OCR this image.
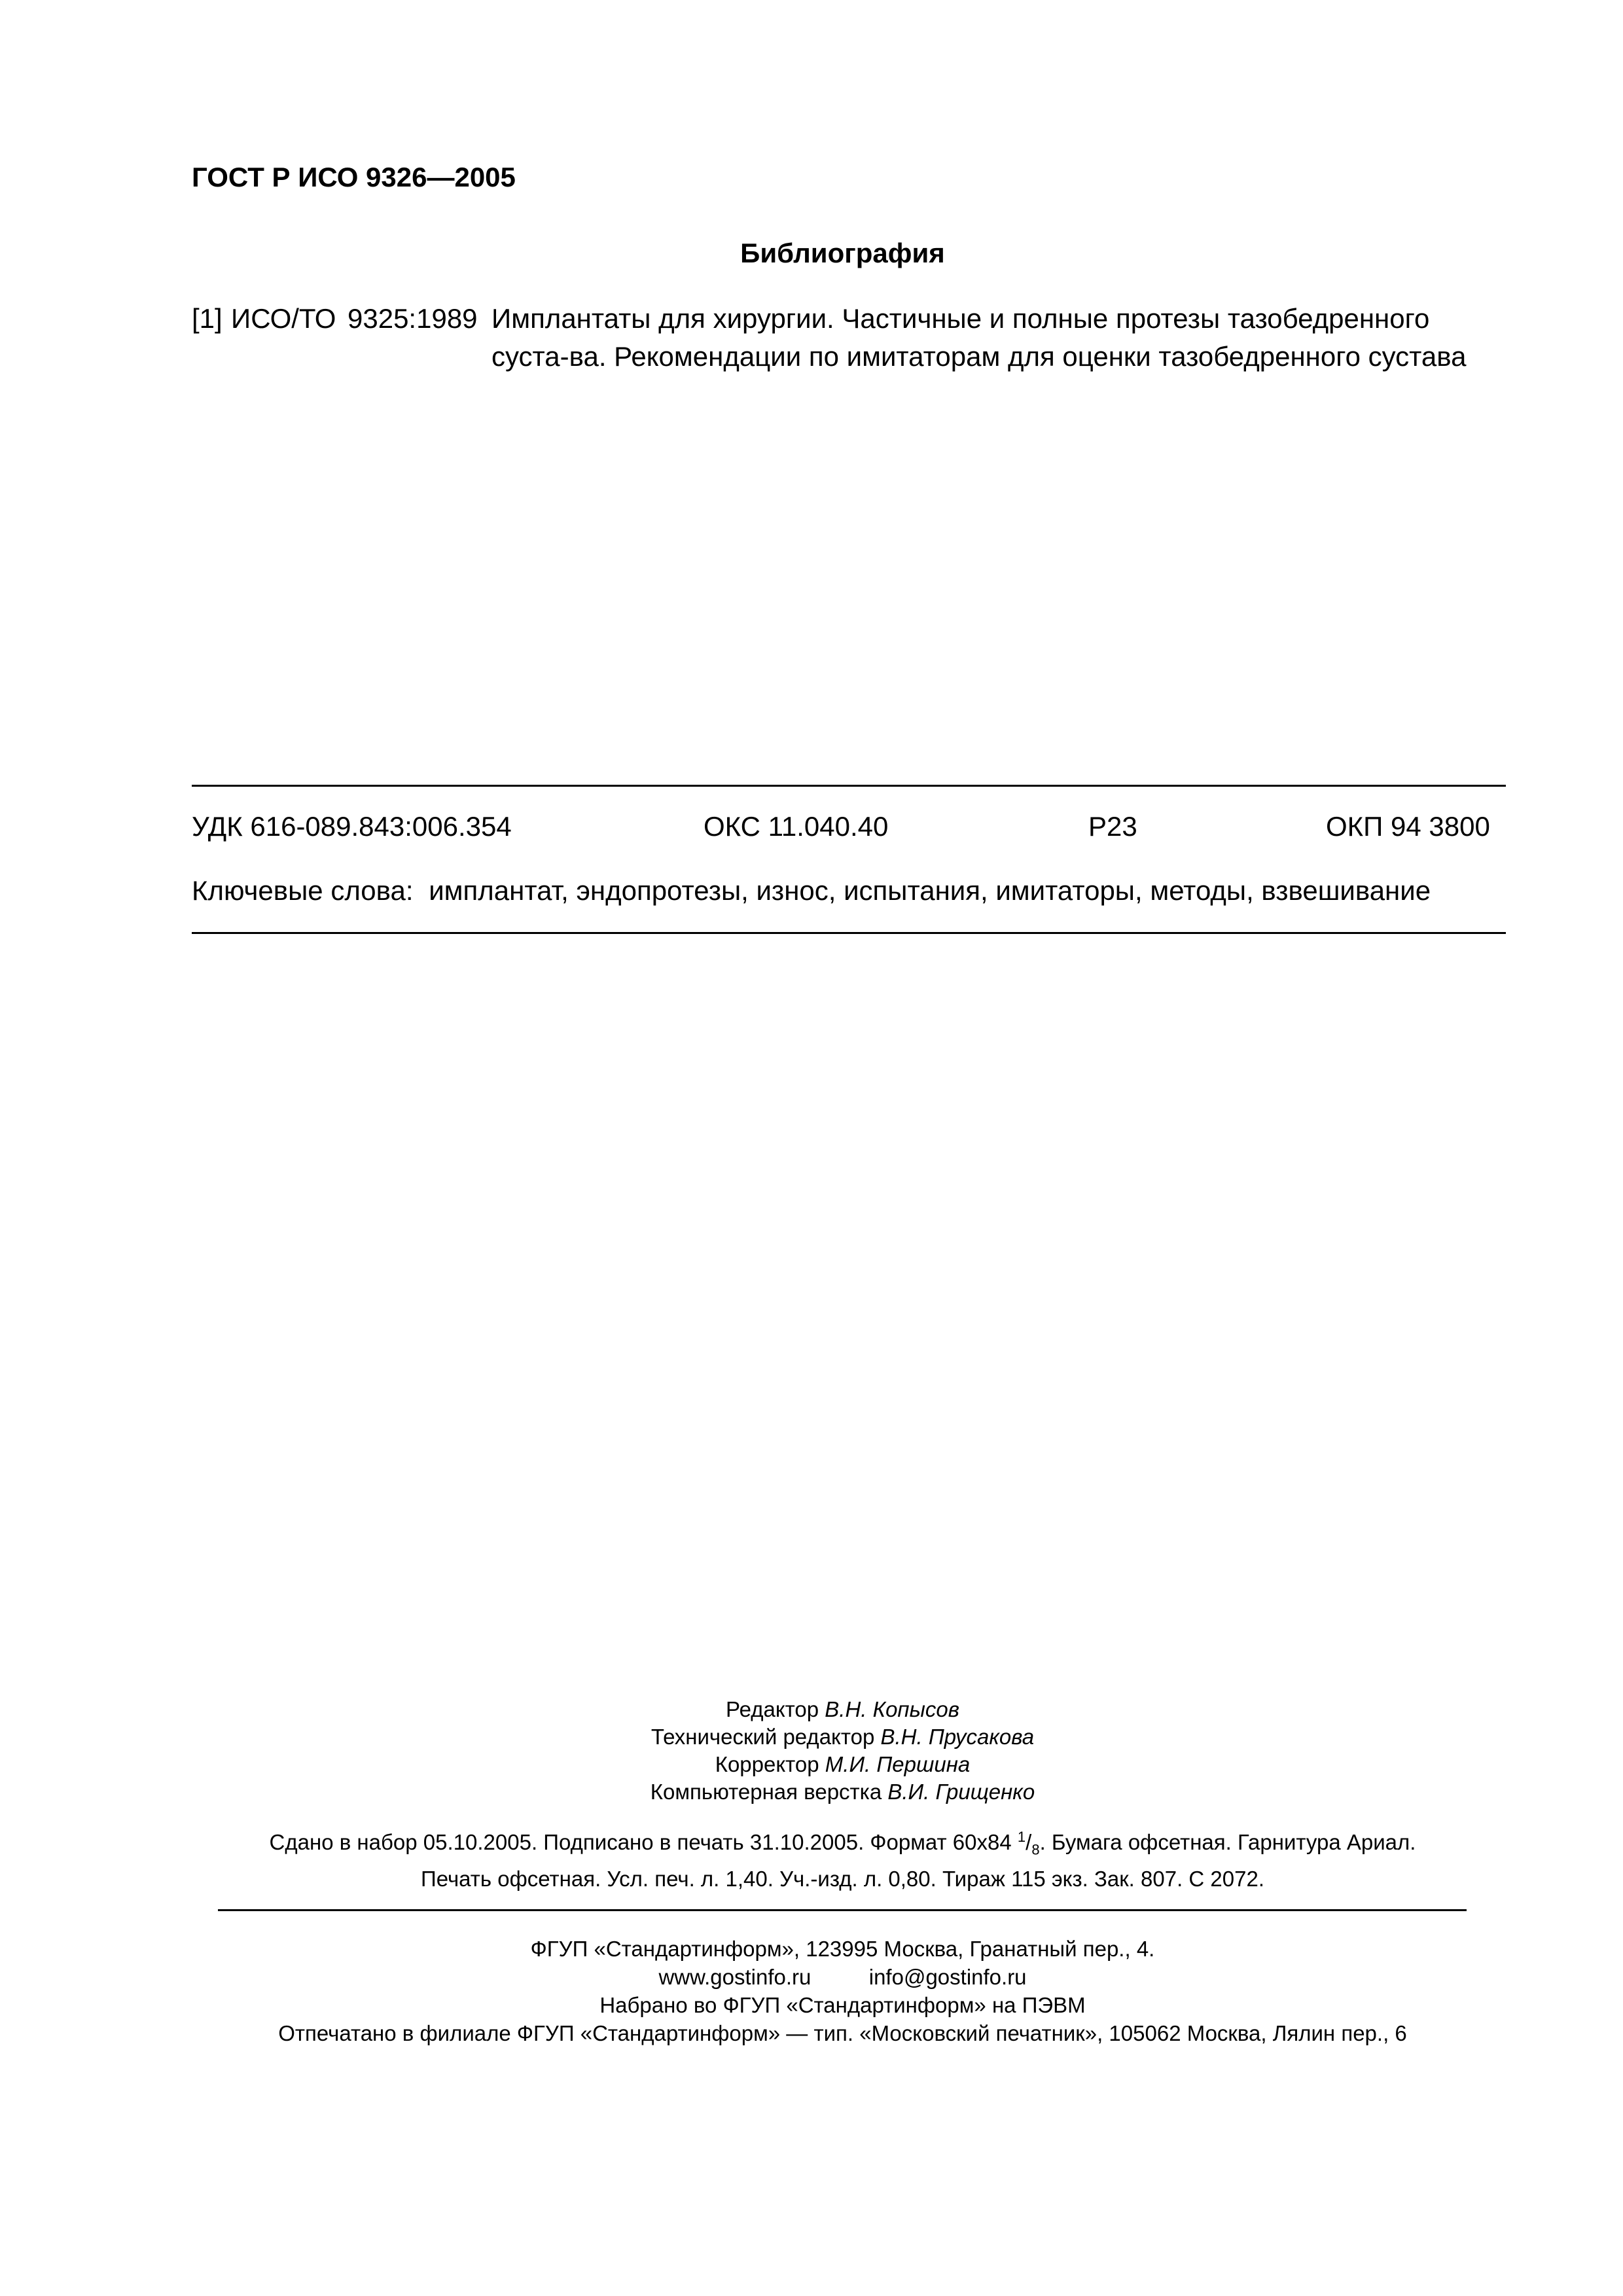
ГОСТ Р ИСО 9326—2005
Библиография
[1] ИСО/ТО 9325:1989 Имплантаты для хирургии. Частичные и полные протезы тазобедренного суста-ва. Рекомендации по имитаторам для оценки тазобедренного сустава
УДК 616-089.843:006.354	ОКС 11.040.40	Р23	ОКП 94 3800
Ключевые слова: имплантат, эндопротезы, износ, испытания, имитаторы, методы, взвешивание
Редактор В.Н. Копысов
Технический редактор В.Н. Прусакова
Корректор М.И. Першина
Компьютерная верстка В.И. Грищенко
Сдано в набор 05.10.2005. Подписано в печать 31.10.2005. Формат 60x84 $^1/_8$. Бумага офсетная. Гарнитура Ариал.
Печать офсетная. Усл. печ. л. 1,40. Уч.-изд. л. 0,80. Тираж 115 экз. Зак. 807. С 2072.
ФГУП «Стандартинформ», 123995 Москва, Гранатный пер., 4.
www.gostinfo.ru	info@gostinfo.ru
Набрано во ФГУП «Стандартинформ» на ПЭВМ
Отпечатано в филиале ФГУП «Стандартинформ» — тип. «Московский печатник», 105062 Москва, Лялин пер., 6
